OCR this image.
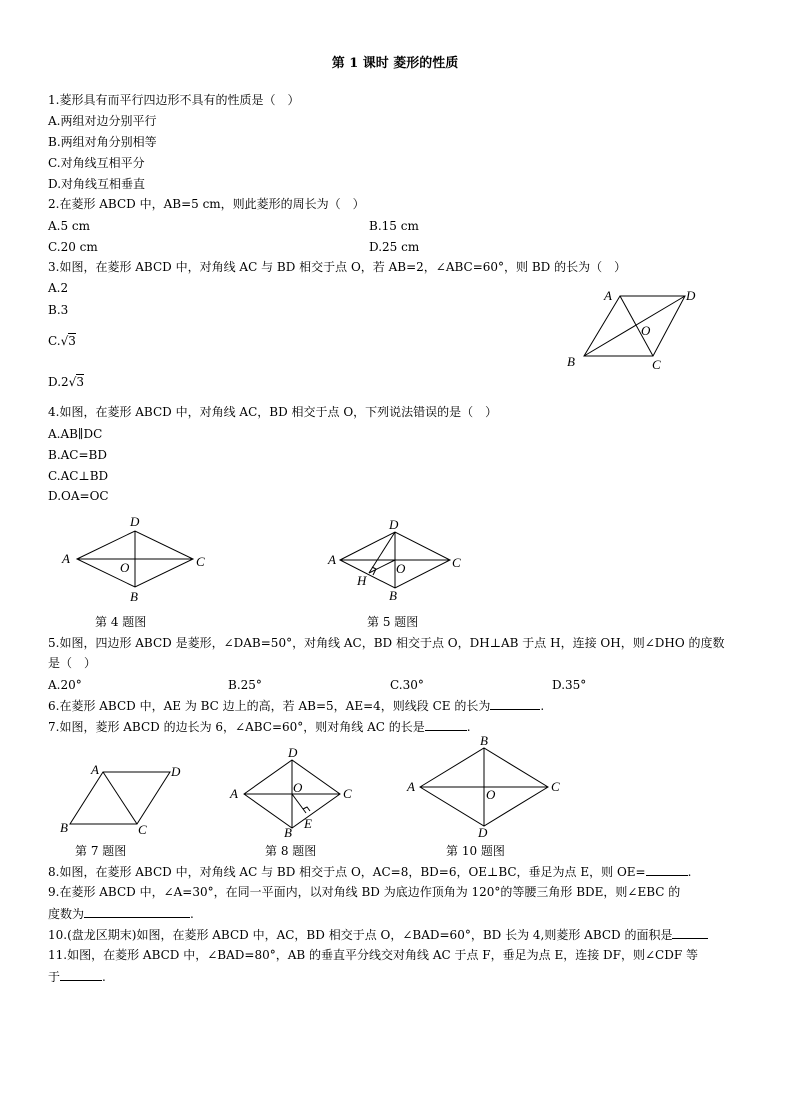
第 1 课时 菱形的性质
1.菱形具有而平行四边形不具有的性质是（　）
A.两组对边分别平行
B.两组对角分别相等
C.对角线互相平分
D.对角线互相垂直
2.在菱形 ABCD 中，AB=5 cm，则此菱形的周长为（　）
A.5 cm	B.15 cm
C.20 cm	D.25 cm
3.如图，在菱形 ABCD 中，对角线 AC 与 BD 相交于点 O，若 AB=2，∠ABC=60°，则 BD 的长为（　）
A.2
B.3
C.√3
D.2√3
A	D
O
B	C
4.如图，在菱形 ABCD 中，对角线 AC，BD 相交于点 O，下列说法错误的是（　）
A.AB∥DC
B.AC=BD
C.AC⊥BD
D.OA=OC
D
A	C
O
B
第 4 题图
D
A	C
O
H
B
第 5 题图
5.如图，四边形 ABCD 是菱形，∠DAB=50°，对角线 AC，BD 相交于点 O，DH⊥AB 于点 H，连接 OH，则∠DHO 的度数
是（　）
A.20°	B.25°	C.30°	D.35°
6.在菱形 ABCD 中，AE 为 BC 边上的高，若 AB=5，AE=4，则线段 CE 的长为	.
7.如图，菱形 ABCD 的边长为 6，∠ABC=60°，则对角线 AC 的长是	.
A	D
B	C
第 7 题图
D
A	C
O
E
B
第 8 题图
B
A	C
O
D
第 10 题图
8.如图，在菱形 ABCD 中，对角线 AC 与 BD 相交于点 O，AC=8，BD=6，OE⊥BC，垂足为点 E，则 OE=	.
9.在菱形 ABCD 中，∠A=30°，在同一平面内，以对角线 BD 为底边作顶角为 120°的等腰三角形 BDE，则∠EBC 的
度数为	.
10.(盘龙区期末)如图，在菱形 ABCD 中，AC，BD 相交于点 O，∠BAD=60°，BD 长为 4,则菱形 ABCD 的面积是
11.如图，在菱形 ABCD 中，∠BAD=80°，AB 的垂直平分线交对角线 AC 于点 F，垂足为点 E，连接 DF，则∠CDF 等
于	.
